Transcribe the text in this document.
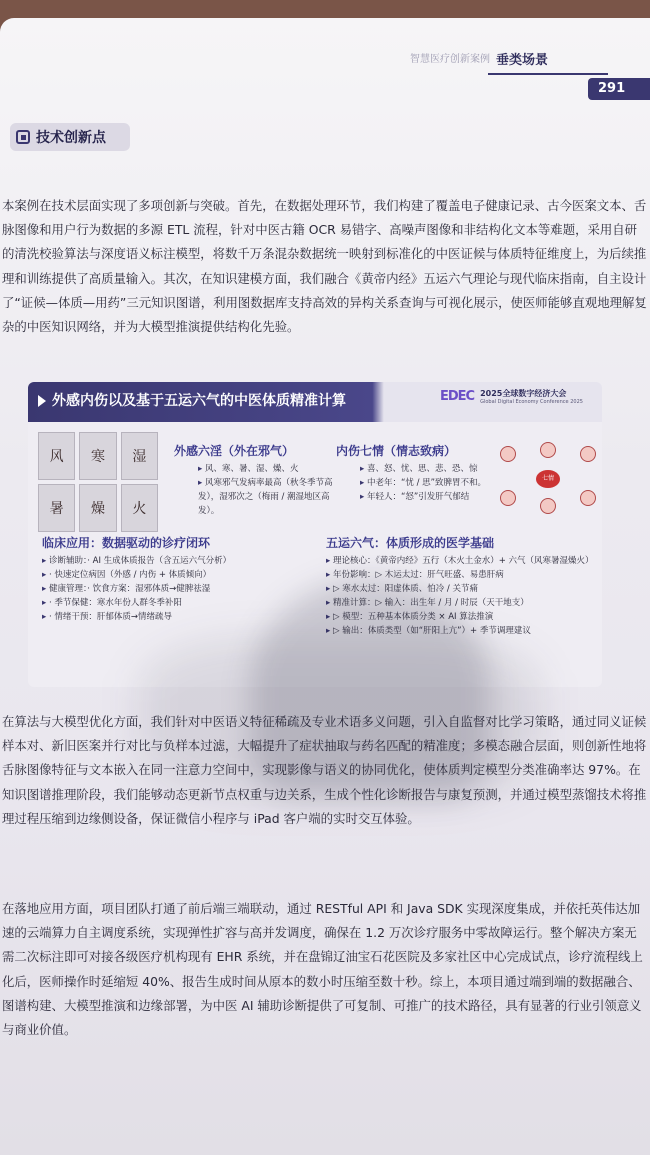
智慧医疗创新案例 垂类场景
291
技术创新点

本案例在技术层面实现了多项创新与突破。首先，在数据处理环节，我们构建了覆盖电子健康记录、古今医案文本、舌脉图像和用户行为数据的多源 ETL 流程，针对中医古籍 OCR 易错字、高噪声图像和非结构化文本等难题，采用自研的清洗校验算法与深度语义标注模型，将数千万条混杂数据统一映射到标准化的中医证候与体质特征维度上，为后续推理和训练提供了高质量输入。其次，在知识建模方面，我们融合《黄帝内经》五运六气理论与现代临床指南，自主设计了“证候—体质—用药”三元知识图谱，利用图数据库支持高效的异构关系查询与可视化展示，使医师能够直观地理解复杂的中医知识网络，并为大模型推演提供结构化先验。

外感内伤以及基于五运六气的中医体质精准计算	EDEC 2025全球数字经济大会
Global Digital Economy Conference 2025
风	寒	湿
暑	燥	火
外感六淫（外在邪气）
▸ 风、寒、暑、湿、燥、火
▸ 风寒邪气发病率最高（秋冬季节高发），湿邪次之（梅雨 / 潮湿地区高发）。
内伤七情（情志致病）
▸ 喜、怒、忧、思、悲、恐、惊
▸ 中老年：“忧 / 思”致脾胃不和。
▸ 年轻人：“怒”引发肝气郁结
七情
临床应用：数据驱动的诊疗闭环
▸ 诊断辅助：· AI 生成体质报告（含五运六气分析）
▸ · 快速定位病因（外感 / 内伤 + 体质倾向）
▸ 健康管理：· 饮食方案：湿邪体质→健脾祛湿
▸ · 季节保健：寒水年份人群冬季补阳
▸ · 情绪干预：肝郁体质→情绪疏导
五运六气：体质形成的医学基础
▸ 理论核心：《黄帝内经》五行（木火土金水）+ 六气（风寒暑湿燥火）
▸ 年份影响：▷ 木运太过：肝气旺盛、易患肝病
▸ ▷ 寒水太过：阳虚体质、怕冷 / 关节痛
▸ 精准计算：▷ 输入：出生年 / 月 / 时辰（天干地支）
▸ ▷ 模型：五种基本体质分类 × AI 算法推演
▸ ▷ 输出：体质类型（如“肝阳上亢”）+ 季节调理建议

在算法与大模型优化方面，我们针对中医语义特征稀疏及专业术语多义问题，引入自监督对比学习策略，通过同义证候样本对、新旧医案并行对比与负样本过滤，大幅提升了症状抽取与药名匹配的精准度；多模态融合层面，则创新性地将舌脉图像特征与文本嵌入在同一注意力空间中，实现影像与语义的协同优化，使体质判定模型分类准确率达 97%。在知识图谱推理阶段，我们能够动态更新节点权重与边关系，生成个性化诊断报告与康复预测，并通过模型蒸馏技术将推理过程压缩到边缘侧设备，保证微信小程序与 iPad 客户端的实时交互体验。

在落地应用方面，项目团队打通了前后端三端联动，通过 RESTful API 和 Java SDK 实现深度集成，并依托英伟达加速的云端算力自主调度系统，实现弹性扩容与高并发调度，确保在 1.2 万次诊疗服务中零故障运行。整个解决方案无需二次标注即可对接各级医疗机构现有 EHR 系统，并在盘锦辽油宝石花医院及多家社区中心完成试点，诊疗流程线上化后，医师操作时延缩短 40%、报告生成时间从原本的数小时压缩至数十秒。综上，本项目通过端到端的数据融合、图谱构建、大模型推演和边缘部署，为中医 AI 辅助诊断提供了可复制、可推广的技术路径，具有显著的行业引领意义与商业价值。
